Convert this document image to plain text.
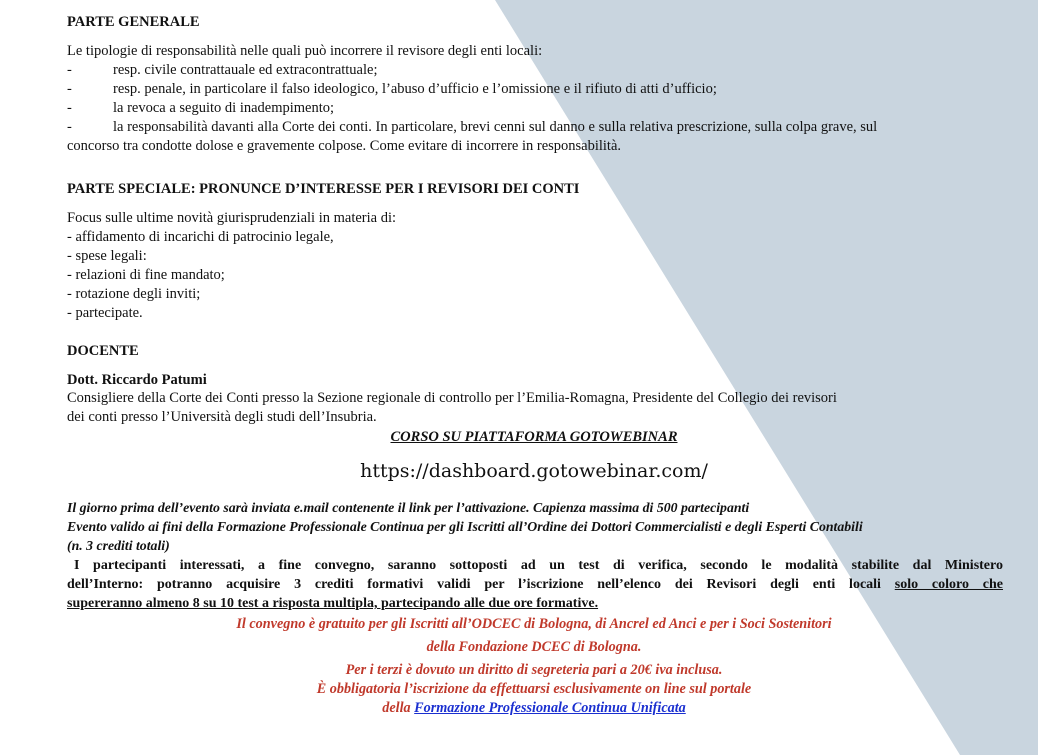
PARTE GENERALE
Le tipologie di responsabilità nelle quali può incorrere il revisore degli enti locali:
-	resp. civile contrattauale ed extracontrattuale;
-	resp. penale, in particolare il falso ideologico, l’abuso d’ufficio e l’omissione e il rifiuto di atti d’ufficio;
-	la revoca a seguito di inadempimento;
-	la responsabilità davanti alla Corte dei conti. In particolare, brevi cenni sul danno e sulla relativa prescrizione, sulla colpa grave, sul
concorso tra condotte dolose e gravemente colpose. Come evitare di incorrere in responsabilità.
PARTE SPECIALE: PRONUNCE D’INTERESSE PER I REVISORI DEI CONTI
Focus sulle ultime novità giurisprudenziali in materia di:
- affidamento di incarichi di patrocinio legale,
- spese legali:
- relazioni di fine mandato;
- rotazione degli inviti;
- partecipate.
DOCENTE
Dott. Riccardo Patumi
Consigliere della Corte dei Conti presso la Sezione regionale di controllo per l’Emilia-Romagna, Presidente del Collegio dei revisori
dei conti presso l’Università degli studi dell’Insubria.
CORSO SU PIATTAFORMA GOTOWEBINAR
https://dashboard.gotowebinar.com/
Il giorno prima dell’evento sarà inviata e.mail contenente il link per l’attivazione. Capienza massima di 500 partecipanti
Evento valido ai fini della Formazione Professionale Continua per gli Iscritti all’Ordine dei Dottori Commercialisti e degli Esperti Contabili
(n. 3 crediti totali)
I partecipanti interessati, a fine convegno, saranno sottoposti ad un test di verifica, secondo le modalità stabilite dal Ministero
dell’Interno: potranno acquisire 3 crediti formativi validi per l’iscrizione nell’elenco dei Revisori degli enti locali solo coloro che
supereranno almeno 8 su 10 test a risposta multipla, partecipando alle due ore formative.
Il convegno è gratuito per gli Iscritti all’ODCEC di Bologna, di Ancrel ed Anci e per i Soci Sostenitori
della Fondazione DCEC di Bologna.
Per i terzi è dovuto un diritto di segreteria pari a 20€ iva inclusa.
È obbligatoria l’iscrizione da effettuarsi esclusivamente on line sul portale
della Formazione Professionale Continua Unificata
